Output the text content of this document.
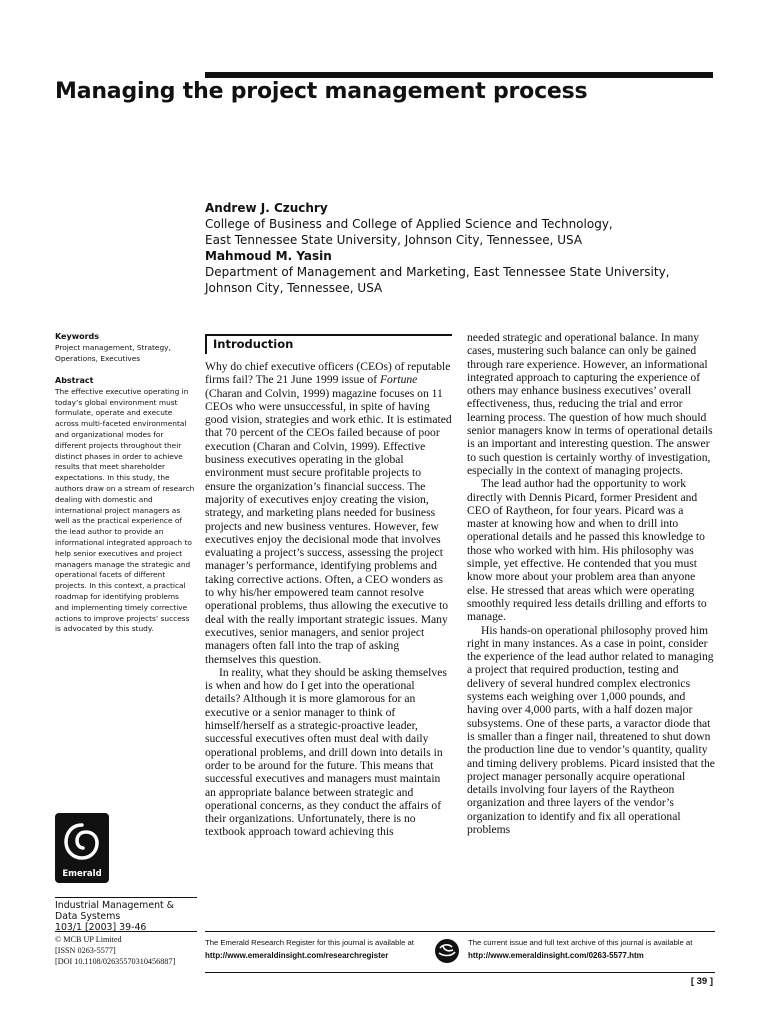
Managing the project management process
Andrew J. Czuchry
College of Business and College of Applied Science and Technology,
East Tennessee State University, Johnson City, Tennessee, USA
Mahmoud M. Yasin
Department of Management and Marketing, East Tennessee State University,
Johnson City, Tennessee, USA
Keywords
Project management, Strategy, Operations, Executives
Abstract
The effective executive operating in today’s global environment must formulate, operate and execute across multi-faceted environmental and organizational modes for different projects throughout their distinct phases in order to achieve results that meet shareholder expectations. In this study, the authors draw on a stream of research dealing with domestic and international project managers as well as the practical experience of the lead author to provide an informational integrated approach to help senior executives and project managers manage the strategic and operational facets of different projects. In this context, a practical roadmap for identifying problems and implementing timely corrective actions to improve projects’ success is advocated by this study.
Emerald
Industrial Management &
Data Systems
103/1 [2003] 39-46
© MCB UP Limited
[ISSN 0263-5577]
[DOI 10.1108/02635570310456887]
Introduction

Why do chief executive officers (CEOs) of reputable firms fail? The 21 June 1999 issue of Fortune (Charan and Colvin, 1999) magazine focuses on 11 CEOs who were unsuccessful, in spite of having good vision, strategies and work ethic. It is estimated that 70 percent of the CEOs failed because of poor execution (Charan and Colvin, 1999). Effective business executives operating in the global environment must secure profitable projects to ensure the organization’s financial success. The majority of executives enjoy creating the vision, strategy, and marketing plans needed for business projects and new business ventures. However, few executives enjoy the decisional mode that involves evaluating a project’s success, assessing the project manager’s performance, identifying problems and taking corrective actions. Often, a CEO wonders as to why his/her empowered team cannot resolve operational problems, thus allowing the executive to deal with the really important strategic issues. Many executives, senior managers, and senior project managers often fall into the trap of asking themselves this question.

In reality, what they should be asking themselves is when and how do I get into the operational details? Although it is more glamorous for an executive or a senior manager to think of himself/herself as a strategic-proactive leader, successful executives often must deal with daily operational problems, and drill down into details in order to be around for the future. This means that successful executives and managers must maintain an appropriate balance between strategic and operational concerns, as they conduct the affairs of their organizations. Unfortunately, there is no textbook approach toward achieving this

needed strategic and operational balance. In many cases, mustering such balance can only be gained through rare experience. However, an informational integrated approach to capturing the experience of others may enhance business executives’ overall effectiveness, thus, reducing the trial and error learning process. The question of how much should senior managers know in terms of operational details is an important and interesting question. The answer to such question is certainly worthy of investigation, especially in the context of managing projects.

The lead author had the opportunity to work directly with Dennis Picard, former President and CEO of Raytheon, for four years. Picard was a master at knowing how and when to drill into operational details and he passed this knowledge to those who worked with him. His philosophy was simple, yet effective. He contended that you must know more about your problem area than anyone else. He stressed that areas which were operating smoothly required less details drilling and efforts to manage.

His hands-on operational philosophy proved him right in many instances. As a case in point, consider the experience of the lead author related to managing a project that required production, testing and delivery of several hundred complex electronics systems each weighing over 1,000 pounds, and having over 4,000 parts, with a half dozen major subsystems. One of these parts, a varactor diode that is smaller than a finger nail, threatened to shut down the production line due to vendor’s quantity, quality and timing delivery problems. Picard insisted that the project manager personally acquire operational details involving four layers of the Raytheon organization and three layers of the vendor’s organization to identify and fix all operational problems

The Emerald Research Register for this journal is available at
http://www.emeraldinsight.com/researchregister
The current issue and full text archive of this journal is available at
http://www.emeraldinsight.com/0263-5577.htm
[ 39 ]
